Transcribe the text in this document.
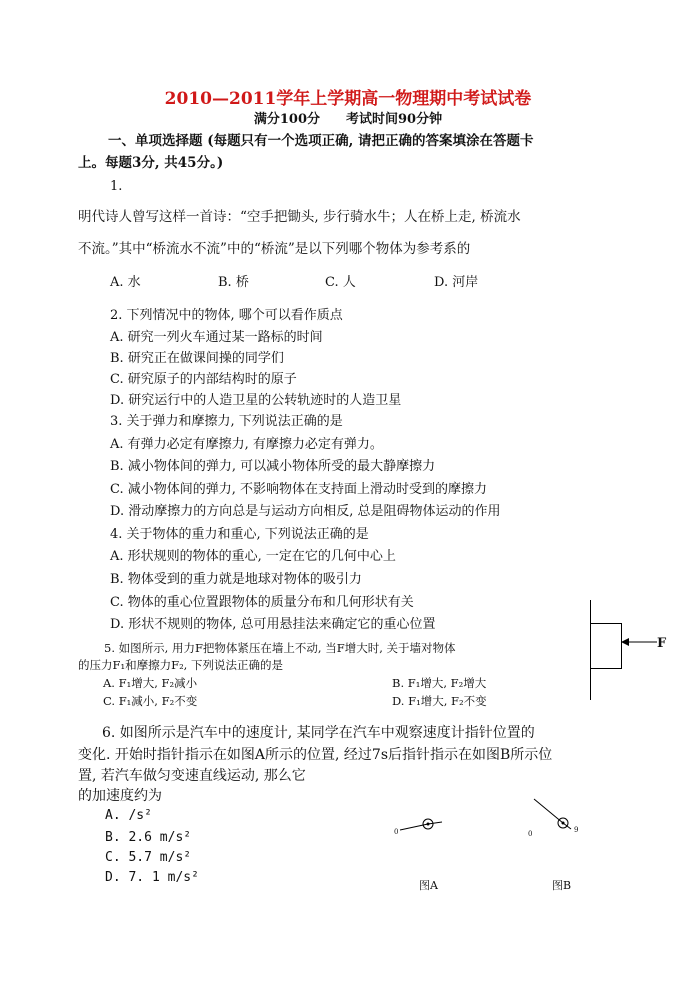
2010—2011学年上学期高一物理期中考试试卷
满分100分　　考试时间90分钟
一、单项选择题 (每题只有一个选项正确, 请把正确的答案填涂在答题卡
上。每题3分, 共45分。)
1.
明代诗人曾写这样一首诗：“空手把锄头, 步行骑水牛；人在桥上走, 桥流水
不流。”其中“桥流水不流”中的“桥流”是以下列哪个物体为参考系的
A. 水	B. 桥	C. 人	D. 河岸
2. 下列情况中的物体, 哪个可以看作质点
A. 研究一列火车通过某一路标的时间
B. 研究正在做课间操的同学们
C. 研究原子的内部结构时的原子
D. 研究运行中的人造卫星的公转轨迹时的人造卫星
3. 关于弹力和摩擦力, 下列说法正确的是
A. 有弹力必定有摩擦力, 有摩擦力必定有弹力。
B. 减小物体间的弹力, 可以减小物体所受的最大静摩擦力
C. 减小物体间的弹力, 不影响物体在支持面上滑动时受到的摩擦力
D. 滑动摩擦力的方向总是与运动方向相反, 总是阻碍物体运动的作用
4. 关于物体的重力和重心, 下列说法正确的是
A. 形状规则的物体的重心, 一定在它的几何中心上
B. 物体受到的重力就是地球对物体的吸引力
C. 物体的重心位置跟物体的质量分布和几何形状有关
D. 形状不规则的物体, 总可用悬挂法来确定它的重心位置
F
5. 如图所示, 用力F把物体紧压在墙上不动, 当F增大时, 关于墙对物体
的压力F₁和摩擦力F₂, 下列说法正确的是
A. F₁增大, F₂减小	B. F₁增大, F₂增大
C. F₁减小, F₂不变	D. F₁增大, F₂不变
6. 如图所示是汽车中的速度计, 某同学在汽车中观察速度计指针位置的
变化. 开始时指针指示在如图A所示的位置, 经过7s后指针指示在如图B所示位
置, 若汽车做匀变速直线运动, 那么它
的加速度约为
A. /s²
B. 2.6 m/s²
C. 5.7 m/s²
D. 7. 1 m/s²
0	0	9
图A	图B
